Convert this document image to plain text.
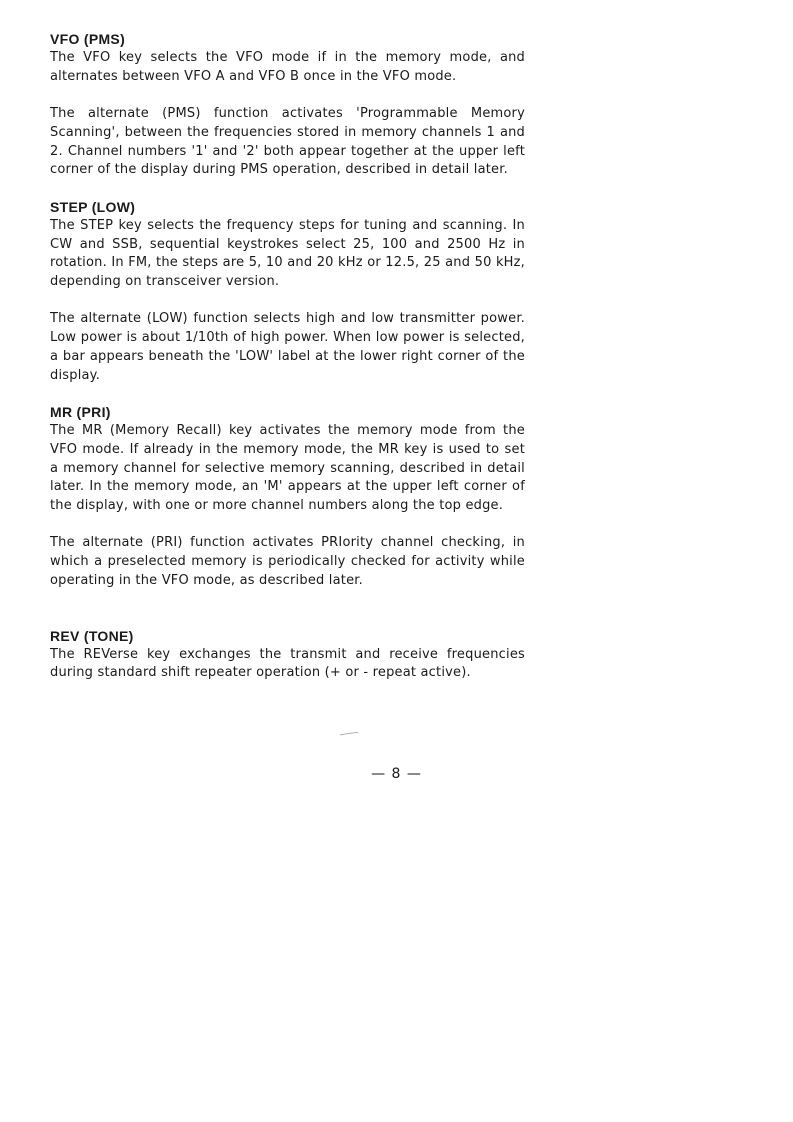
VFO (PMS)

The VFO key selects the VFO mode if in the memory mode, and alternates between VFO A and VFO B once in the VFO mode.

The alternate (PMS) function activates 'Programmable Memory Scanning', between the frequencies stored in memory channels 1 and 2. Channel numbers '1' and '2' both appear together at the upper left corner of the display during PMS operation, described in detail later.

STEP (LOW)

The STEP key selects the frequency steps for tuning and scanning. In CW and SSB, sequential keystrokes select 25, 100 and 2500 Hz in rotation. In FM, the steps are 5, 10 and 20 kHz or 12.5, 25 and 50 kHz, depending on transceiver version.

The alternate (LOW) function selects high and low transmitter power. Low power is about 1/10th of high power. When low power is selected, a bar appears beneath the 'LOW' label at the lower right corner of the display.

MR (PRI)

The MR (Memory Recall) key activates the memory mode from the VFO mode. If already in the memory mode, the MR key is used to set a memory channel for selective memory scanning, described in detail later. In the memory mode, an 'M' appears at the upper left corner of the display, with one or more channel numbers along the top edge.

The alternate (PRI) function activates PRIority channel checking, in which a preselected memory is periodically checked for activity while operating in the VFO mode, as described later.

REV (TONE)

The REVerse key exchanges the transmit and receive frequencies during standard shift repeater operation (+ or - repeat active).

— 8 —
